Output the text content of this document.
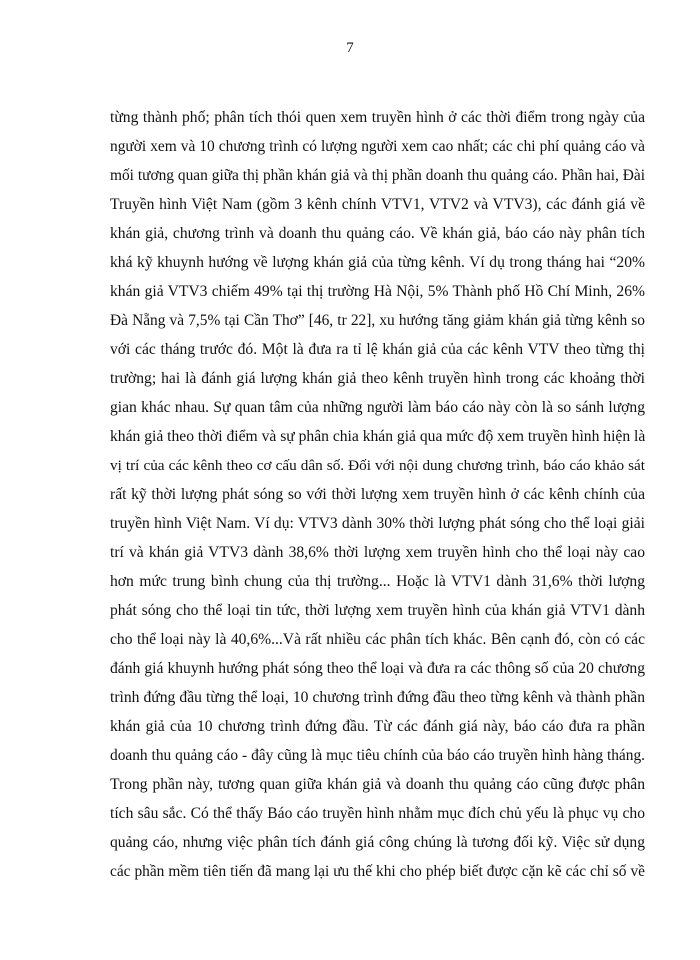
7
từng thành phố; phân tích thói quen xem truyền hình ở các thời điểm trong ngày của
người xem và 10 chương trình có lượng người xem cao nhất; các chi phí quảng cáo và
mối tương quan giữa thị phần khán giả và thị phần doanh thu quảng cáo. Phần hai, Đài
Truyền hình Việt Nam (gồm 3 kênh chính VTV1, VTV2 và VTV3), các đánh giá về
khán giả, chương trình và doanh thu quảng cáo. Về khán giả, báo cáo này phân tích
khá kỹ khuynh hướng về lượng khán giả của từng kênh. Ví dụ trong tháng hai “20%
khán giả VTV3 chiếm 49% tại thị trường Hà Nội, 5% Thành phố Hồ Chí Minh, 26%
Đà Nẵng và 7,5% tại Cần Thơ” [46, tr 22], xu hướng tăng giảm khán giả từng kênh so
với các tháng trước đó. Một là đưa ra tỉ lệ khán giả của các kênh VTV theo từng thị
trường; hai là đánh giá lượng khán giả theo kênh truyền hình trong các khoảng thời
gian khác nhau. Sự quan tâm của những người làm báo cáo này còn là so sánh lượng
khán giả theo thời điểm và sự phân chia khán giả qua mức độ xem truyền hình hiện là
vị trí của các kênh theo cơ cấu dân số. Đối với nội dung chương trình, báo cáo khảo sát
rất kỹ thời lượng phát sóng so với thời lượng xem truyền hình ở các kênh chính của
truyền hình Việt Nam. Ví dụ: VTV3 dành 30% thời lượng phát sóng cho thể loại giải
trí và khán giả VTV3 dành 38,6% thời lượng xem truyền hình cho thể loại này cao
hơn mức trung bình chung của thị trường... Hoặc là VTV1 dành 31,6% thời lượng
phát sóng cho thể loại tin tức, thời lượng xem truyền hình của khán giả VTV1 dành
cho thể loại này là 40,6%...Và rất nhiều các phân tích khác. Bên cạnh đó, còn có các
đánh giá khuynh hướng phát sóng theo thể loại và đưa ra các thông số của 20 chương
trình đứng đầu từng thể loại, 10 chương trình đứng đầu theo từng kênh và thành phần
khán giả của 10 chương trình đứng đầu. Từ các đánh giá này, báo cáo đưa ra phần
doanh thu quảng cáo - đây cũng là mục tiêu chính của báo cáo truyền hình hàng tháng.
Trong phần này, tương quan giữa khán giả và doanh thu quảng cáo cũng được phân
tích sâu sắc. Có thể thấy Báo cáo truyền hình nhằm mục đích chủ yếu là phục vụ cho
quảng cáo, nhưng việc phân tích đánh giá công chúng là tương đối kỹ. Việc sử dụng
các phần mềm tiên tiến đã mang lại ưu thế khi cho phép biết được cặn kẽ các chỉ số về
